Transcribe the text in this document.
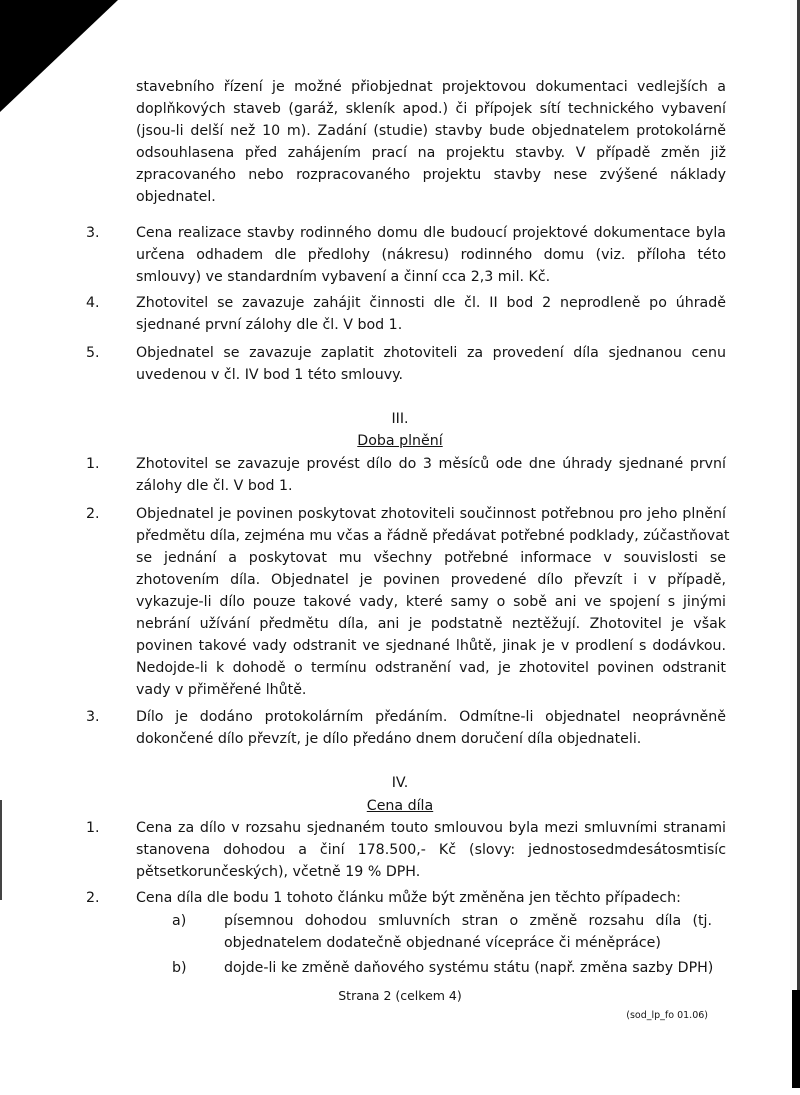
stavebního řízení je možné přiobjednat projektovou dokumentaci vedlejších a
doplňkových staveb (garáž, skleník apod.) či přípojek sítí technického vybavení
(jsou-li delší než 10 m). Zadání (studie) stavby bude objednatelem protokolárně
odsouhlasena před zahájením prací na projektu stavby. V případě změn již
zpracovaného nebo rozpracovaného projektu stavby nese zvýšené náklady
objednatel.
3.	Cena realizace stavby rodinného domu dle budoucí projektové dokumentace byla
určena odhadem dle předlohy (nákresu) rodinného domu (viz. příloha této
smlouvy) ve standardním vybavení a činní cca 2,3 mil. Kč.
4.	Zhotovitel se zavazuje zahájit činnosti dle čl. II bod 2 neprodleně po úhradě
sjednané první zálohy dle čl. V bod 1.
5.	Objednatel se zavazuje zaplatit zhotoviteli za provedení díla sjednanou cenu
uvedenou v čl. IV bod 1 této smlouvy.
III.
Doba plnění
1.	Zhotovitel se zavazuje provést dílo do 3 měsíců ode dne úhrady sjednané první
zálohy dle čl. V bod 1.
2.	Objednatel je povinen poskytovat zhotoviteli součinnost potřebnou pro jeho plnění
předmětu díla, zejména mu včas a řádně předávat potřebné podklady, zúčastňovat
se jednání a poskytovat mu všechny potřebné informace v souvislosti se
zhotovením díla. Objednatel je povinen provedené dílo převzít i v případě,
vykazuje-li dílo pouze takové vady, které samy o sobě ani ve spojení s jinými
nebrání užívání předmětu díla, ani je podstatně neztěžují. Zhotovitel je však
povinen takové vady odstranit ve sjednané lhůtě, jinak je v prodlení s dodávkou.
Nedojde-li k dohodě o termínu odstranění vad, je zhotovitel povinen odstranit
vady v přiměřené lhůtě.
3.	Dílo je dodáno protokolárním předáním. Odmítne-li objednatel neoprávněně
dokončené dílo převzít, je dílo předáno dnem doručení díla objednateli.
IV.
Cena díla
1.	Cena za dílo v rozsahu sjednaném touto smlouvou byla mezi smluvními stranami
stanovena dohodou a činí 178.500,- Kč (slovy: jednostosedmdesátosmtisíc
pětsetkorunčeských), včetně 19 % DPH.
2.	Cena díla dle bodu 1 tohoto článku může být změněna jen těchto případech:
a)	písemnou dohodou smluvních stran o změně rozsahu díla (tj.
objednatelem dodatečně objednané vícepráce či méněpráce)
b)	dojde-li ke změně daňového systému státu (např. změna sazby DPH)
Strana 2 (celkem 4)
(sod_lp_fo 01.06)
